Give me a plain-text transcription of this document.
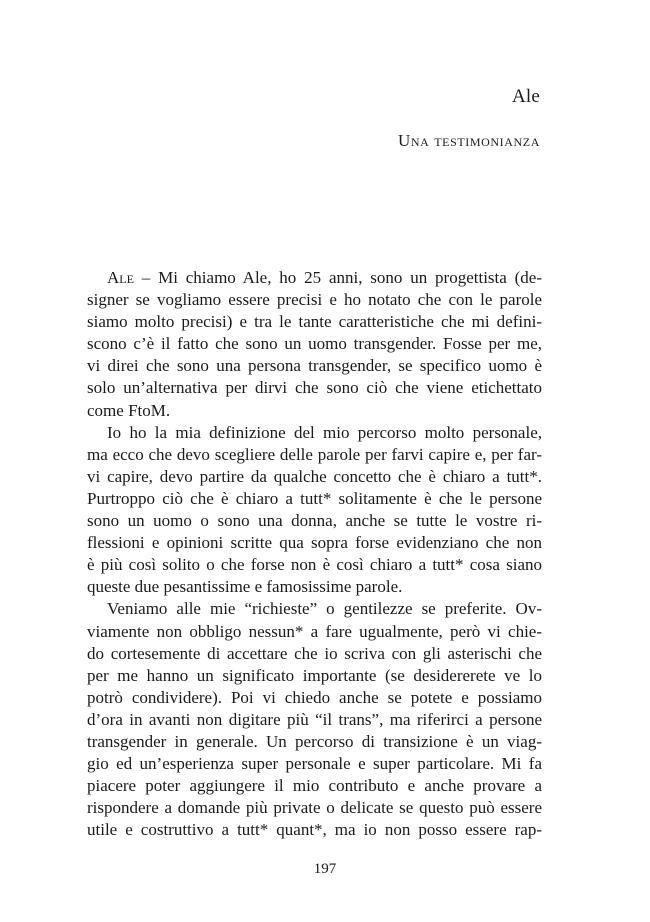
Ale
Una testimonianza
Ale – Mi chiamo Ale, ho 25 anni, sono un progettista (de-
signer se vogliamo essere precisi e ho notato che con le parole
siamo molto precisi) e tra le tante caratteristiche che mi defini-
scono c’è il fatto che sono un uomo transgender. Fosse per me,
vi direi che sono una persona transgender, se specifico uomo è
solo un’alternativa per dirvi che sono ciò che viene etichettato
come FtoM.
Io ho la mia definizione del mio percorso molto personale,
ma ecco che devo scegliere delle parole per farvi capire e, per far-
vi capire, devo partire da qualche concetto che è chiaro a tutt*.
Purtroppo ciò che è chiaro a tutt* solitamente è che le persone
sono un uomo o sono una donna, anche se tutte le vostre ri-
flessioni e opinioni scritte qua sopra forse evidenziano che non
è più così solito o che forse non è così chiaro a tutt* cosa siano
queste due pesantissime e famosissime parole.
Veniamo alle mie “richieste” o gentilezze se preferite. Ov-
viamente non obbligo nessun* a fare ugualmente, però vi chie-
do cortesemente di accettare che io scriva con gli asterischi che
per me hanno un significato importante (se desidererete ve lo
potrò condividere). Poi vi chiedo anche se potete e possiamo
d’ora in avanti non digitare più “il trans”, ma riferirci a persone
transgender in generale. Un percorso di transizione è un viag-
gio ed un’esperienza super personale e super particolare. Mi fa
piacere poter aggiungere il mio contributo e anche provare a
rispondere a domande più private o delicate se questo può essere
utile e costruttivo a tutt* quant*, ma io non posso essere rap-
197
